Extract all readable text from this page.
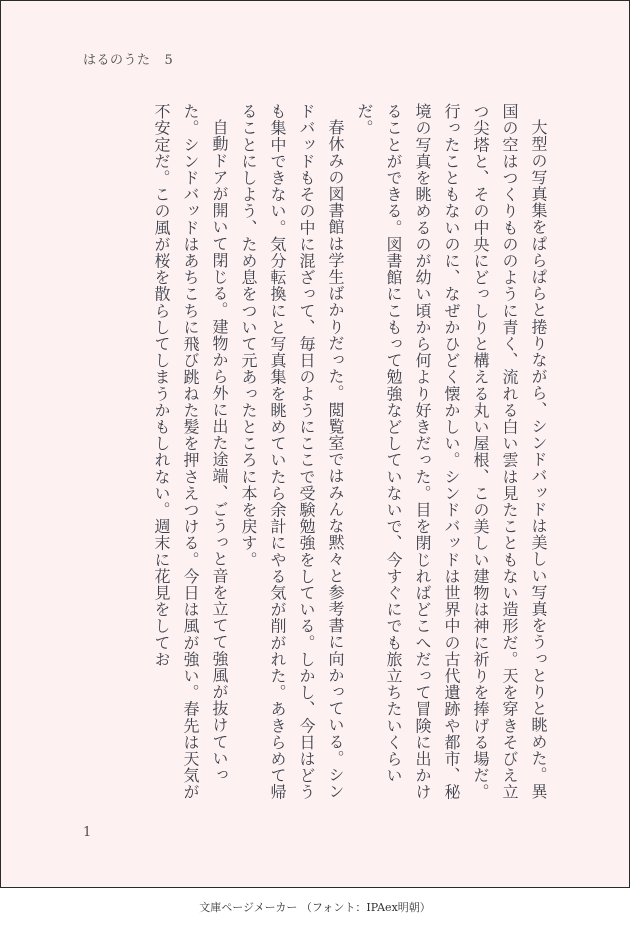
はるのうた 5

大型の写真集をぱらぱらと捲りながら、シンドバッドは美しい写真をうっとりと眺めた。異国の空はつくりもののように青く、流れる白い雲は見たこともない造形だ。天を穿きそびえ立つ尖塔と、その中央にどっしりと構える丸い屋根、この美しい建物は神に祈りを捧げる場だ。行ったこともないのに、なぜかひどく懐かしい。シンドバッドは世界中の古代遺跡や都市、秘境の写真を眺めるのが幼い頃から何より好きだった。目を閉じればどこへだって冒険に出かけることができる。図書館にこもって勉強などしていないで、今すぐにでも旅立ちたいくらいだ。

春休みの図書館は学生ばかりだった。閲覧室ではみんな黙々と参考書に向かっている。シンドバッドもその中に混ざって、毎日のようにここで受験勉強をしている。しかし、今日はどうも集中できない。気分転換にと写真集を眺めていたら余計にやる気が削がれた。あきらめて帰ることにしよう、ため息をついて元あったところに本を戻す。

自動ドアが開いて閉じる。建物から外に出た途端、ごうっと音を立てて強風が抜けていった。シンドバッドはあちこちに飛び跳ねた髪を押さえつける。今日は風が強い。春先は天気が不安定だ。この風が桜を散らしてしまうかもしれない。週末に花見をしてお

1
文庫ページメーカー （フォント：IPAex明朝）
